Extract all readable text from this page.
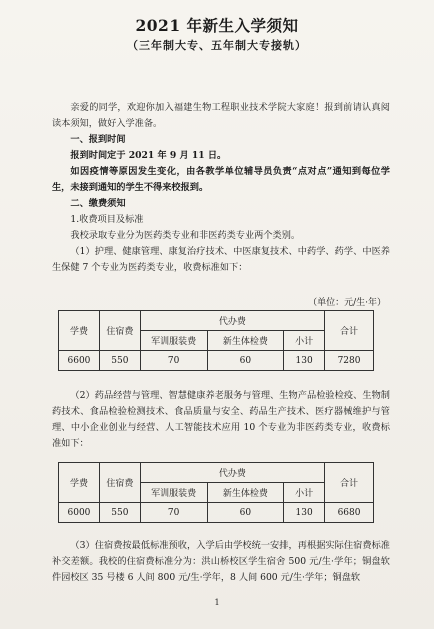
2021 年新生入学须知
（三年制大专、五年制大专接轨）

亲爱的同学，欢迎你加入福建生物工程职业技术学院大家庭！报到前请认真阅读本须知，做好入学准备。

一、报到时间

报到时间定于 2021 年 9 月 11 日。

如因疫情等原因发生变化，由各教学单位辅导员负责“点对点”通知到每位学生，未接到通知的学生不得来校报到。

二、缴费须知

1.收费项目及标准

我校录取专业分为医药类专业和非医药类专业两个类别。

（1）护理、健康管理、康复治疗技术、中医康复技术、中药学、药学、中医养生保健 7 个专业为医药类专业，收费标准如下：

（单位：元/生·年）
学费	住宿费	代办费			合计
		军训服装费	新生体检费	小计	
6600	550	70	60	130	7280

（2）药品经营与管理、智慧健康养老服务与管理、生物产品检验检疫、生物制药技术、食品检验检测技术、食品质量与安全、药品生产技术、医疗器械维护与管理、中小企业创业与经营、人工智能技术应用 10 个专业为非医药类专业，收费标准如下：

学费	住宿费	代办费			合计
		军训服装费	新生体检费	小计	
6000	550	70	60	130	6680

（3）住宿费按最低标准预收，入学后由学校统一安排，再根据实际住宿费标准补交差额。我校的住宿费标准分为：洪山桥校区学生宿舍 500 元/生·学年；铜盘软件园校区 35 号楼 6 人间 800 元/生·学年，8 人间 600 元/生·学年；铜盘软

1
